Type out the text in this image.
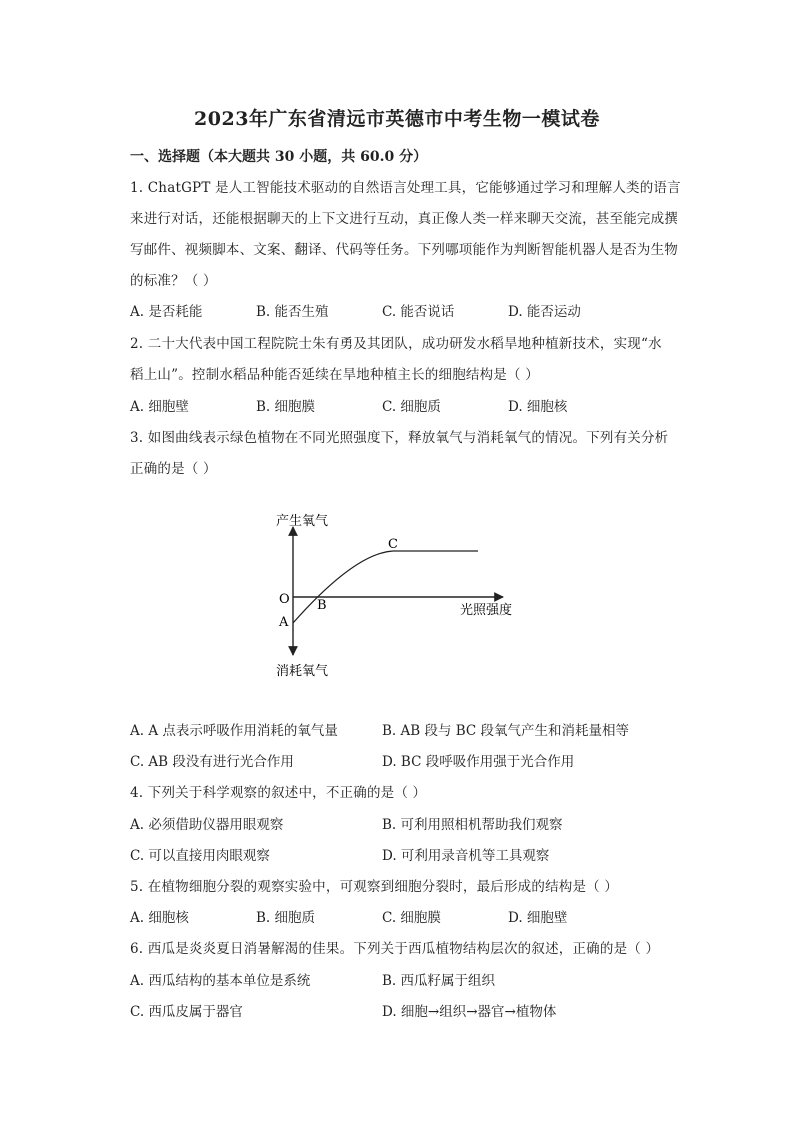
2023年广东省清远市英德市中考生物一模试卷
一、选择题（本大题共 30 小题，共 60.0 分）
1. ChatGPT 是人工智能技术驱动的自然语言处理工具，它能够通过学习和理解人类的语言
来进行对话，还能根据聊天的上下文进行互动，真正像人类一样来聊天交流，甚至能完成撰
写邮件、视频脚本、文案、翻译、代码等任务。下列哪项能作为判断智能机器人是否为生物
的标准？（ ）
A. 是否耗能	B. 能否生殖	C. 能否说话	D. 能否运动
2. 二十大代表中国工程院院士朱有勇及其团队，成功研发水稻旱地种植新技术，实现“水
稻上山”。控制水稻品种能否延续在旱地种植主长的细胞结构是（ ）
A. 细胞壁	B. 细胞膜	C. 细胞质	D. 细胞核
3. 如图曲线表示绿色植物在不同光照强度下，释放氧气与消耗氧气的情况。下列有关分析
正确的是（ ）
产生氧气
消耗氧气
光照强度
O
A
B
C
A. A 点表示呼吸作用消耗的氧气量	B. AB 段与 BC 段氧气产生和消耗量相等
C. AB 段没有进行光合作用	D. BC 段呼吸作用强于光合作用
4. 下列关于科学观察的叙述中，不正确的是（ ）
A. 必须借助仪器用眼观察	B. 可利用照相机帮助我们观察
C. 可以直接用肉眼观察	D. 可利用录音机等工具观察
5. 在植物细胞分裂的观察实验中，可观察到细胞分裂时，最后形成的结构是（ ）
A. 细胞核	B. 细胞质	C. 细胞膜	D. 细胞壁
6. 西瓜是炎炎夏日消暑解渴的佳果。下列关于西瓜植物结构层次的叙述，正确的是（ ）
A. 西瓜结构的基本单位是系统	B. 西瓜籽属于组织
C. 西瓜皮属于器官	D. 细胞→组织→器官→植物体
